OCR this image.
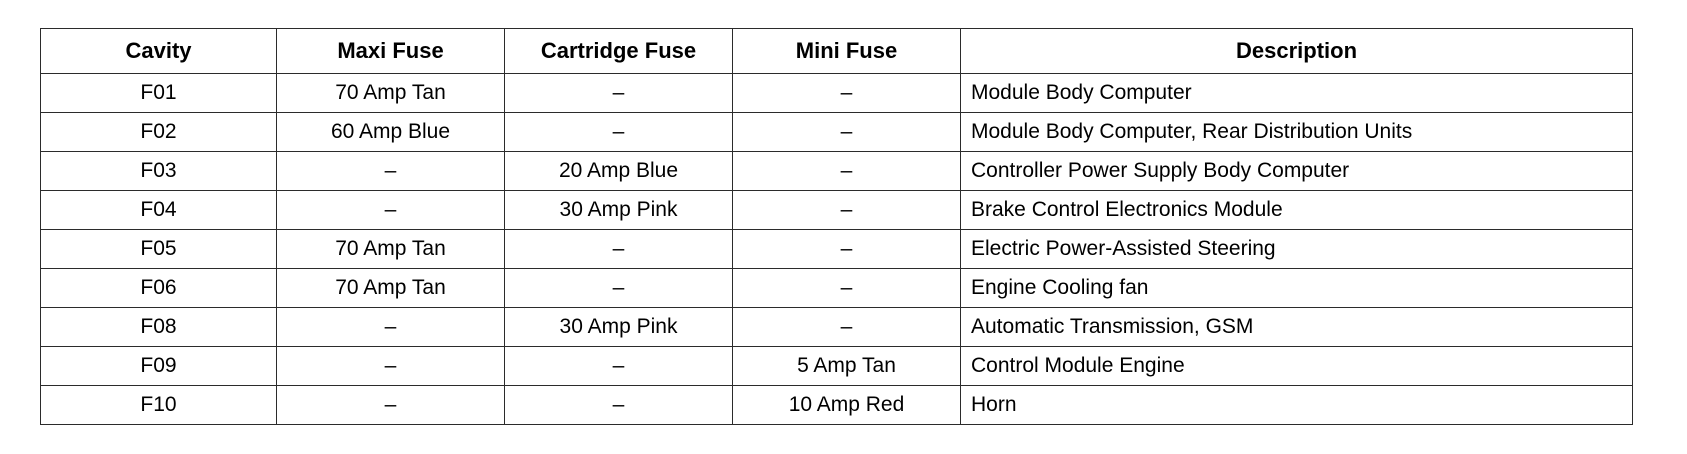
Cavity	Maxi Fuse	Cartridge Fuse	Mini Fuse	Description
F01	70 Amp Tan	–	–	Module Body Computer
F02	60 Amp Blue	–	–	Module Body Computer, Rear Distribution Units
F03	–	20 Amp Blue	–	Controller Power Supply Body Computer
F04	–	30 Amp Pink	–	Brake Control Electronics Module
F05	70 Amp Tan	–	–	Electric Power-Assisted Steering
F06	70 Amp Tan	–	–	Engine Cooling fan
F08	–	30 Amp Pink	–	Automatic Transmission, GSM
F09	–	–	5 Amp Tan	Control Module Engine
F10	–	–	10 Amp Red	Horn
